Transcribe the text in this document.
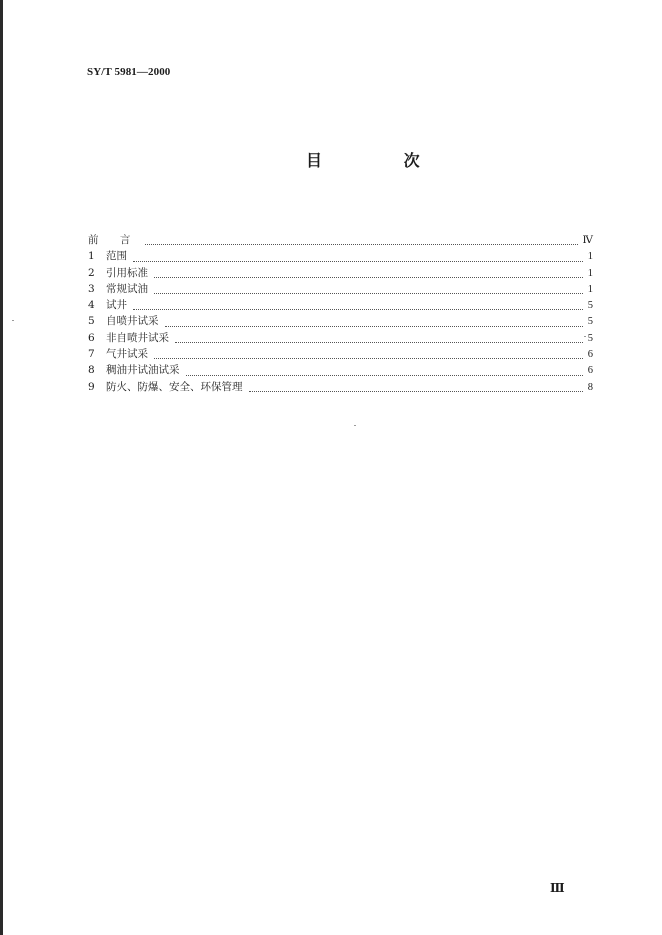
SY/T 5981—2000
目 次
前 言	Ⅳ
1	范围	1
2	引用标准	1
3	常规试油	1
4	试井	5
5	自喷井试采	5
6	非自喷井试采	5
7	气井试采	6
8	稠油井试油试采	6
9	防火、防爆、安全、环保管理	8
Ⅲ
